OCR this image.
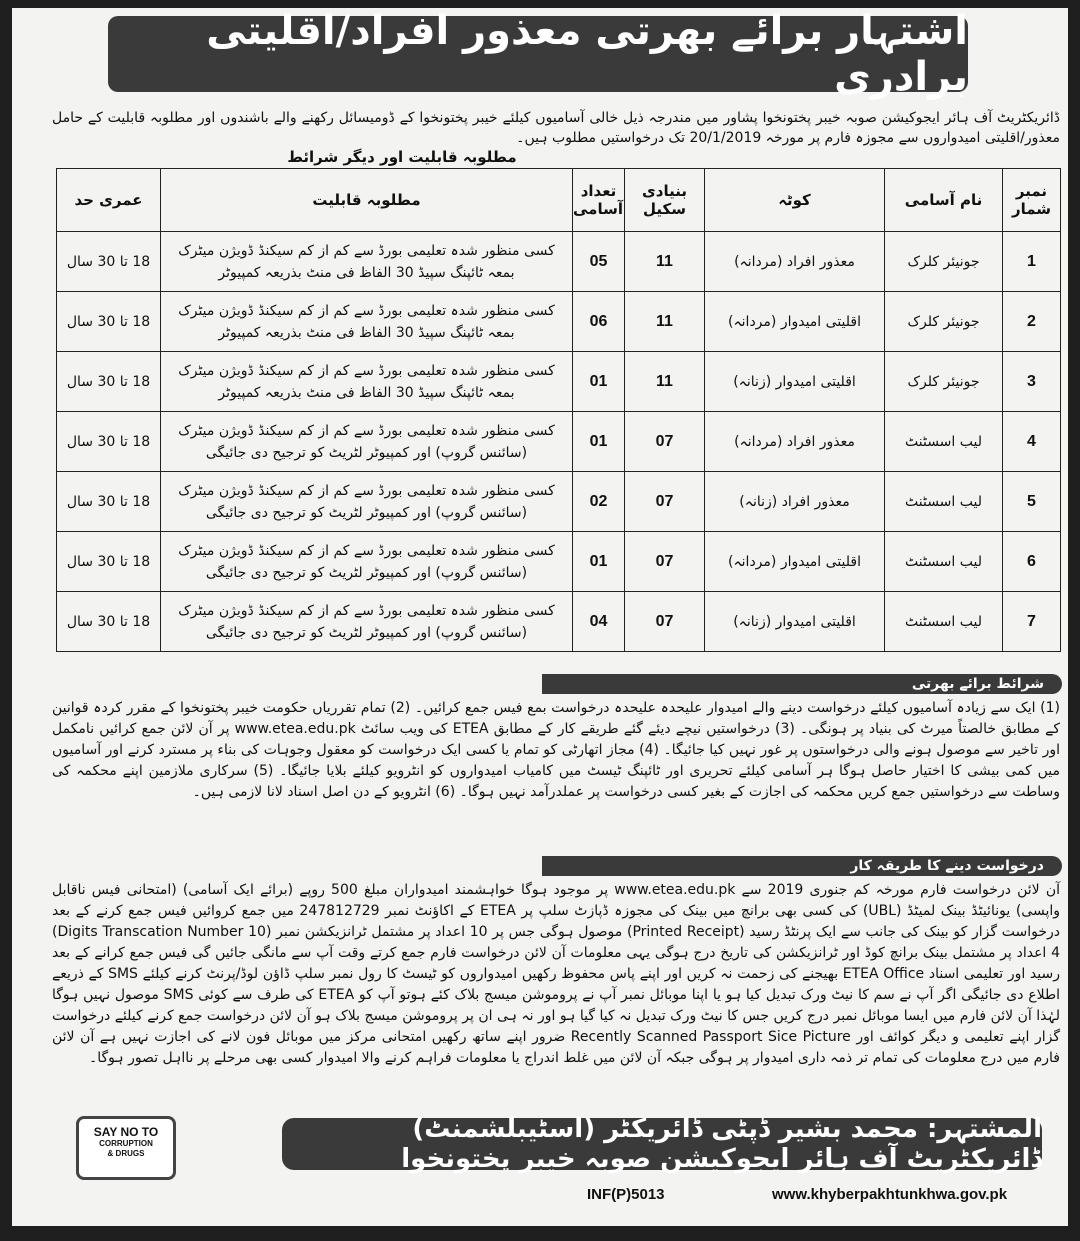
اشتہار برائے بھرتی معذور افراد/اقلیتی برادری
ڈائریکٹریٹ آف ہائر ایجوکیشن صوبہ خیبر پختونخوا پشاور میں مندرجہ ذیل خالی آسامیوں کیلئے خیبر پختونخوا کے ڈومیسائل رکھنے والے باشندوں اور مطلوبہ قابلیت کے حامل معذور/اقلیتی امیدواروں سے مجوزہ فارم پر مورخہ 20/1/2019 تک درخواستیں مطلوب ہیں۔
نمبر شمار	نام آسامی	کوٹہ	بنیادی سکیل	تعداد آسامی	مطلوبہ قابلیت	عمری حد
1	جونیئر کلرک	معذور افراد (مردانہ)	11	05	کسی منظور شدہ تعلیمی بورڈ سے کم از کم سیکنڈ ڈویژن میٹرک بمعہ ٹائپنگ سپیڈ 30 الفاظ فی منٹ بذریعہ کمپیوٹر	18 تا 30 سال
2	جونیئر کلرک	اقلیتی امیدوار (مردانہ)	11	06	کسی منظور شدہ تعلیمی بورڈ سے کم از کم سیکنڈ ڈویژن میٹرک بمعہ ٹائپنگ سپیڈ 30 الفاظ فی منٹ بذریعہ کمپیوٹر	18 تا 30 سال
3	جونیئر کلرک	اقلیتی امیدوار (زنانہ)	11	01	کسی منظور شدہ تعلیمی بورڈ سے کم از کم سیکنڈ ڈویژن میٹرک بمعہ ٹائپنگ سپیڈ 30 الفاظ فی منٹ بذریعہ کمپیوٹر	18 تا 30 سال
4	لیب اسسٹنٹ	معذور افراد (مردانہ)	07	01	کسی منظور شدہ تعلیمی بورڈ سے کم از کم سیکنڈ ڈویژن میٹرک (سائنس گروپ) اور کمپیوٹر لٹریٹ کو ترجیح دی جائیگی	18 تا 30 سال
5	لیب اسسٹنٹ	معذور افراد (زنانہ)	07	02	کسی منظور شدہ تعلیمی بورڈ سے کم از کم سیکنڈ ڈویژن میٹرک (سائنس گروپ) اور کمپیوٹر لٹریٹ کو ترجیح دی جائیگی	18 تا 30 سال
6	لیب اسسٹنٹ	اقلیتی امیدوار (مردانہ)	07	01	کسی منظور شدہ تعلیمی بورڈ سے کم از کم سیکنڈ ڈویژن میٹرک (سائنس گروپ) اور کمپیوٹر لٹریٹ کو ترجیح دی جائیگی	18 تا 30 سال
7	لیب اسسٹنٹ	اقلیتی امیدوار (زنانہ)	07	04	کسی منظور شدہ تعلیمی بورڈ سے کم از کم سیکنڈ ڈویژن میٹرک (سائنس گروپ) اور کمپیوٹر لٹریٹ کو ترجیح دی جائیگی	18 تا 30 سال
مطلوبہ قابلیت اور دیگر شرائط
شرائط برائے بھرتی
(1) ایک سے زیادہ آسامیوں کیلئے درخواست دینے والے امیدوار علیحدہ علیحدہ درخواست بمع فیس جمع کرائیں۔ (2) تمام تقرریاں حکومت خیبر پختونخوا کے مقرر کردہ قوانین کے مطابق خالصتاً میرٹ کی بنیاد پر ہونگی۔ (3) درخواستیں نیچے دیئے گئے طریقے کار کے مطابق ETEA کی ویب سائٹ www.etea.edu.pk پر آن لائن جمع کرائیں نامکمل اور تاخیر سے موصول ہونے والی درخواستوں پر غور نہیں کیا جائیگا۔ (4) مجاز اتھارٹی کو تمام یا کسی ایک درخواست کو معقول وجوہات کی بناء پر مسترد کرنے اور آسامیوں میں کمی بیشی کا اختیار حاصل ہوگا ہر آسامی کیلئے تحریری اور ٹائپنگ ٹیسٹ میں کامیاب امیدواروں کو انٹرویو کیلئے بلایا جائیگا۔ (5) سرکاری ملازمین اپنے محکمہ کی وساطت سے درخواستیں جمع کریں محکمہ کی اجازت کے بغیر کسی درخواست پر عملدرآمد نہیں ہوگا۔ (6) انٹرویو کے دن اصل اسناد لانا لازمی ہیں۔
درخواست دینے کا طریقہ کار
آن لائن درخواست فارم مورخہ کم جنوری 2019 سے www.etea.edu.pk پر موجود ہوگا خواہشمند امیدواران مبلغ 500 روپے (برائے ایک آسامی) (امتحانی فیس ناقابل واپسی) یونائیٹڈ بینک لمیٹڈ (UBL) کی کسی بھی برانچ میں بینک کی مجوزہ ڈپازٹ سلپ پر ETEA کے اکاؤنٹ نمبر 247812729 میں جمع کروائیں فیس جمع کرنے کے بعد درخواست گزار کو بینک کی جانب سے ایک پرنٹڈ رسید (Printed Receipt) موصول ہوگی جس پر 10 اعداد پر مشتمل ٹرانزیکشن نمبر (10 Digits Transcation Number) 4 اعداد پر مشتمل بینک برانچ کوڈ اور ٹرانزیکشن کی تاریخ درج ہوگی یہی معلومات آن لائن درخواست فارم جمع کرتے وقت آپ سے مانگی جائیں گی فیس جمع کرانے کے بعد رسید اور تعلیمی اسناد ETEA Office بھیجنے کی زحمت نہ کریں اور اپنے پاس محفوظ رکھیں امیدواروں کو ٹیسٹ کا رول نمبر سلپ ڈاؤن لوڈ/پرنٹ کرنے کیلئے SMS کے ذریعے اطلاع دی جائیگی اگر آپ نے سم کا نیٹ ورک تبدیل کیا ہو یا اپنا موبائل نمبر آپ نے پروموشن میسج بلاک کئے ہوتو آپ کو ETEA کی طرف سے کوئی SMS موصول نہیں ہوگا لہٰذا آن لائن فارم میں ایسا موبائل نمبر درج کریں جس کا نیٹ ورک تبدیل نہ کیا گیا ہو اور نہ ہی ان پر پروموشن میسج بلاک ہو آن لائن درخواست جمع کرنے کیلئے درخواست گزار اپنے تعلیمی و دیگر کوائف اور Recently Scanned Passport Sice Picture ضرور اپنے ساتھ رکھیں امتحانی مرکز میں موبائل فون لانے کی اجازت نہیں ہے آن لائن فارم میں درج معلومات کی تمام تر ذمہ داری امیدوار پر ہوگی جبکہ آن لائن میں غلط اندراج یا معلومات فراہم کرنے والا امیدوار کسی بھی مرحلے پر نااہل تصور ہوگا۔
SAY NO TO
CORRUPTION
& DRUGS
المشتہر: محمد بشیر ڈپٹی ڈائریکٹر (اسٹیبلشمنٹ) ڈائریکٹریٹ آف ہائر ایجوکیشن صوبہ خیبر پختونخوا
INF(P)5013	www.khyberpakhtunkhwa.gov.pk
